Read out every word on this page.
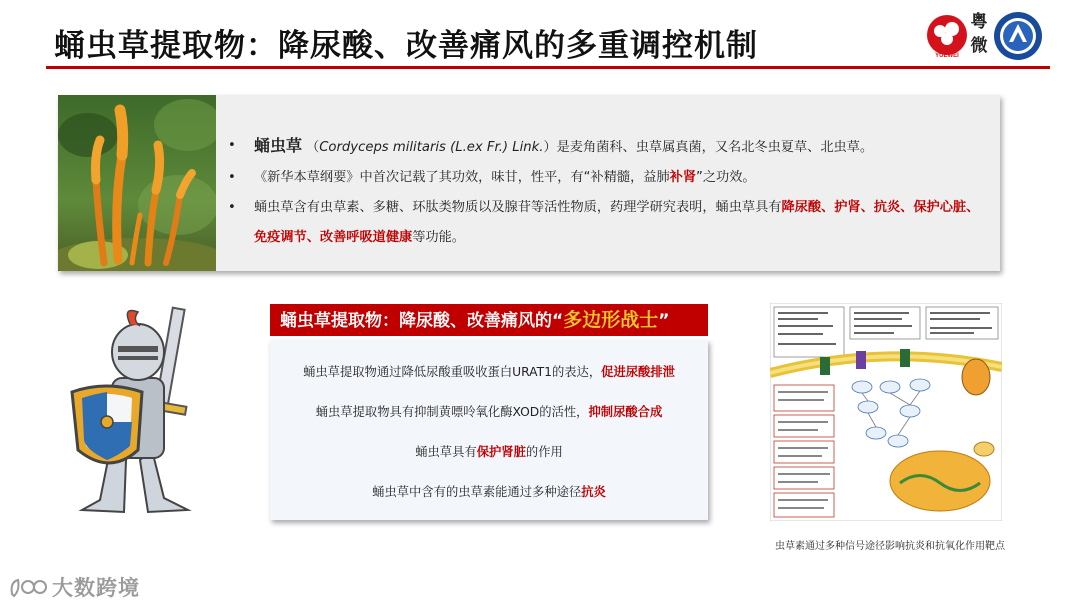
蛹虫草提取物：降尿酸、改善痛风的多重调控机制	YUEWEI
粤微
• 蛹虫草 （Cordyceps militaris (L.ex Fr.) Link.）是麦角菌科、虫草属真菌，又名北冬虫夏草、北虫草。
• 《新华本草纲要》中首次记载了其功效，味甘，性平，有“补精髓，益肺补肾”之功效。
• 蛹虫草含有虫草素、多糖、环肽类物质以及腺苷等活性物质，药理学研究表明，蛹虫草具有降尿酸、护肾、抗炎、保护心脏、免疫调节、改善呼吸道健康等功能。
蛹虫草提取物：降尿酸、改善痛风的“多边形战士”

蛹虫草提取物通过降低尿酸重吸收蛋白URAT1的表达，促进尿酸排泄

蛹虫草提取物具有抑制黄嘌呤氧化酶XOD的活性，抑制尿酸合成

蛹虫草具有保护肾脏的作用

蛹虫草中含有的虫草素能通过多种途径抗炎

虫草素通过多种信号途径影响抗炎和抗氧化作用靶点
大数跨境
